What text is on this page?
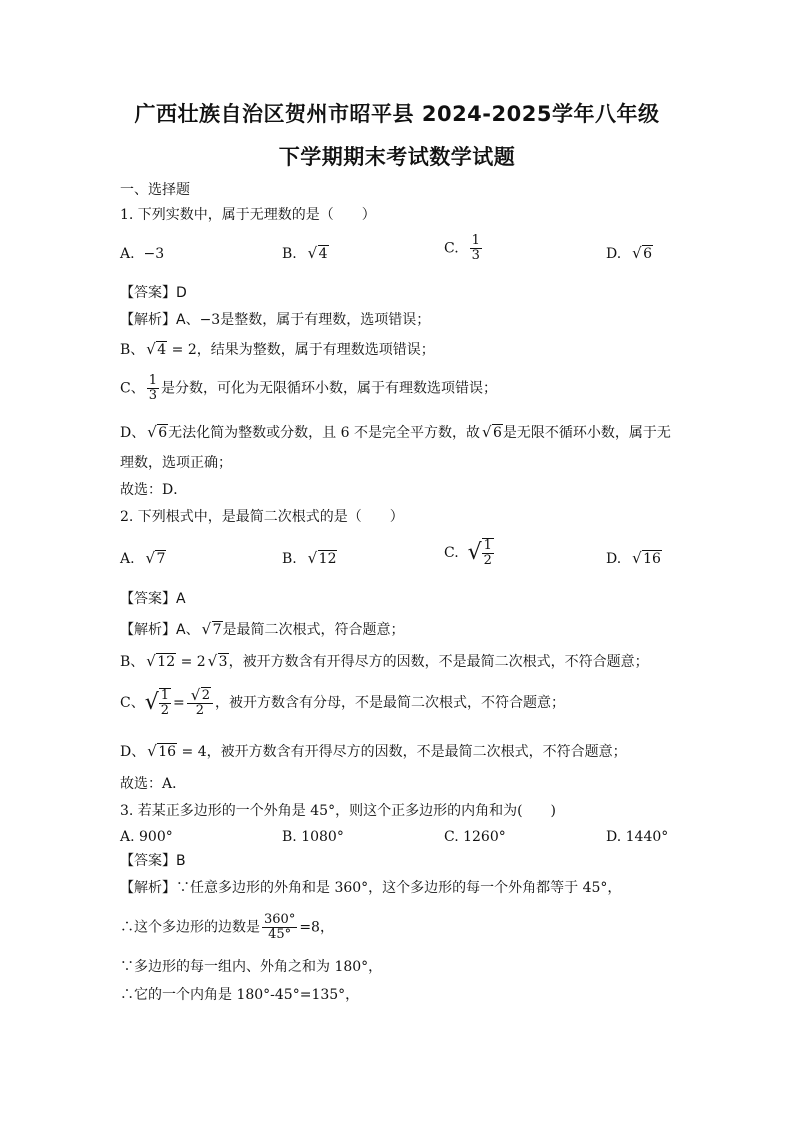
广西壮族自治区贺州市昭平县 2024-2025学年八年级
下学期期末考试数学试题
一、选择题
1. 下列实数中，属于无理数的是（　　）
A. −3	B. √ 4	C. $\frac{1}{3}$	D. √ 6
【答案】D
【解析】A、−3是整数，属于有理数，选项错误；
B、 √ 4 = 2，结果为整数，属于有理数选项错误；
C、 $\frac{1}{3}$ 是分数，可化为无限循环小数，属于有理数选项错误；
D、 √ 6无法化简为整数或分数，且 6 不是完全平方数，故 √ 6是无限不循环小数，属于无
理数，选项正确；
故选：D．
2. 下列根式中，是最简二次根式的是（　　）
A. √ 7	B. √ 12	C. √ $\frac{1}{2}$	D. √ 16
【答案】A
【解析】A、 √ 7是最简二次根式，符合题意；
B、 √ 12 = 2 √ 3，被开方数含有开得尽方的因数，不是最简二次根式，不符合题意；
C、√ $\frac{1}{2}$ = √ $\frac{2}{2}$ ，被开方数含有分母，不是最简二次根式，不符合题意；
D、 √ 16 = 4，被开方数含有开得尽方的因数，不是最简二次根式，不符合题意；
故选：A．
3. 若某正多边形的一个外角是 45°，则这个正多边形的内角和为(　　)
A. 900°	B. 1080°	C. 1260°	D. 1440°
【答案】B
【解析】∵任意多边形的外角和是 360°，这个多边形的每一个外角都等于 45°，
∴这个多边形的边数是 $\frac{360^\circ}{45^\circ} =8$，
∵多边形的每一组内、外角之和为 180°，
∴它的一个内角是 180°-45°=135°，
